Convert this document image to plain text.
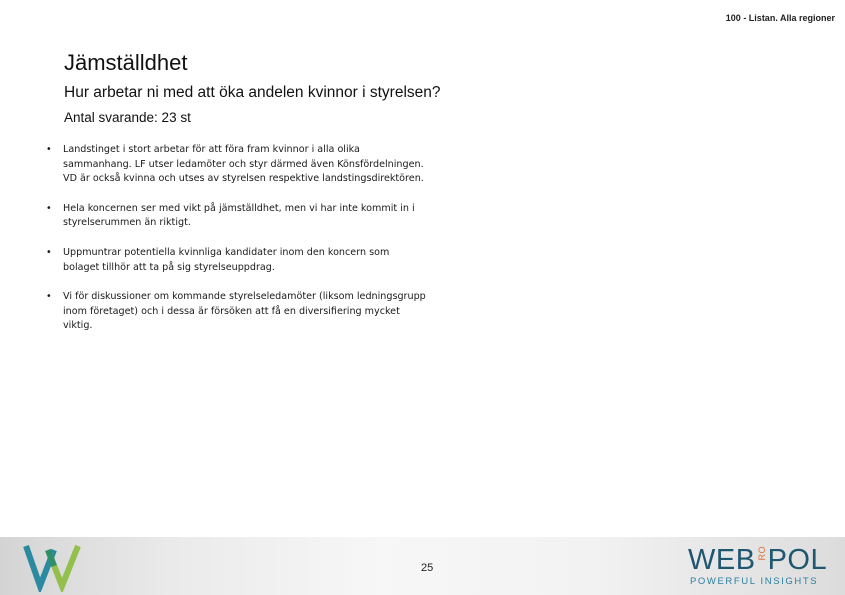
100 - Listan. Alla regioner
Jämställdhet
Hur arbetar ni med att öka andelen kvinnor i styrelsen?
Antal svarande: 23 st
• Landstinget i stort arbetar för att föra fram kvinnor i alla olika sammanhang. LF utser ledamöter och styr därmed även Könsfördelningen. VD är också kvinna och utses av styrelsen respektive landstingsdirektören.
• Hela koncernen ser med vikt på jämställdhet, men vi har inte kommit in i styrelserummen än riktigt.
• Uppmuntrar potentiella kvinnliga kandidater inom den koncern som bolaget tillhör att ta på sig styrelseuppdrag.
• Vi för diskussioner om kommande styrelseledamöter (liksom ledningsgrupp inom företaget) och i dessa är försöken att få en diversifiering mycket viktig.
25	WEBROPOL
POWERFUL INSIGHTS
